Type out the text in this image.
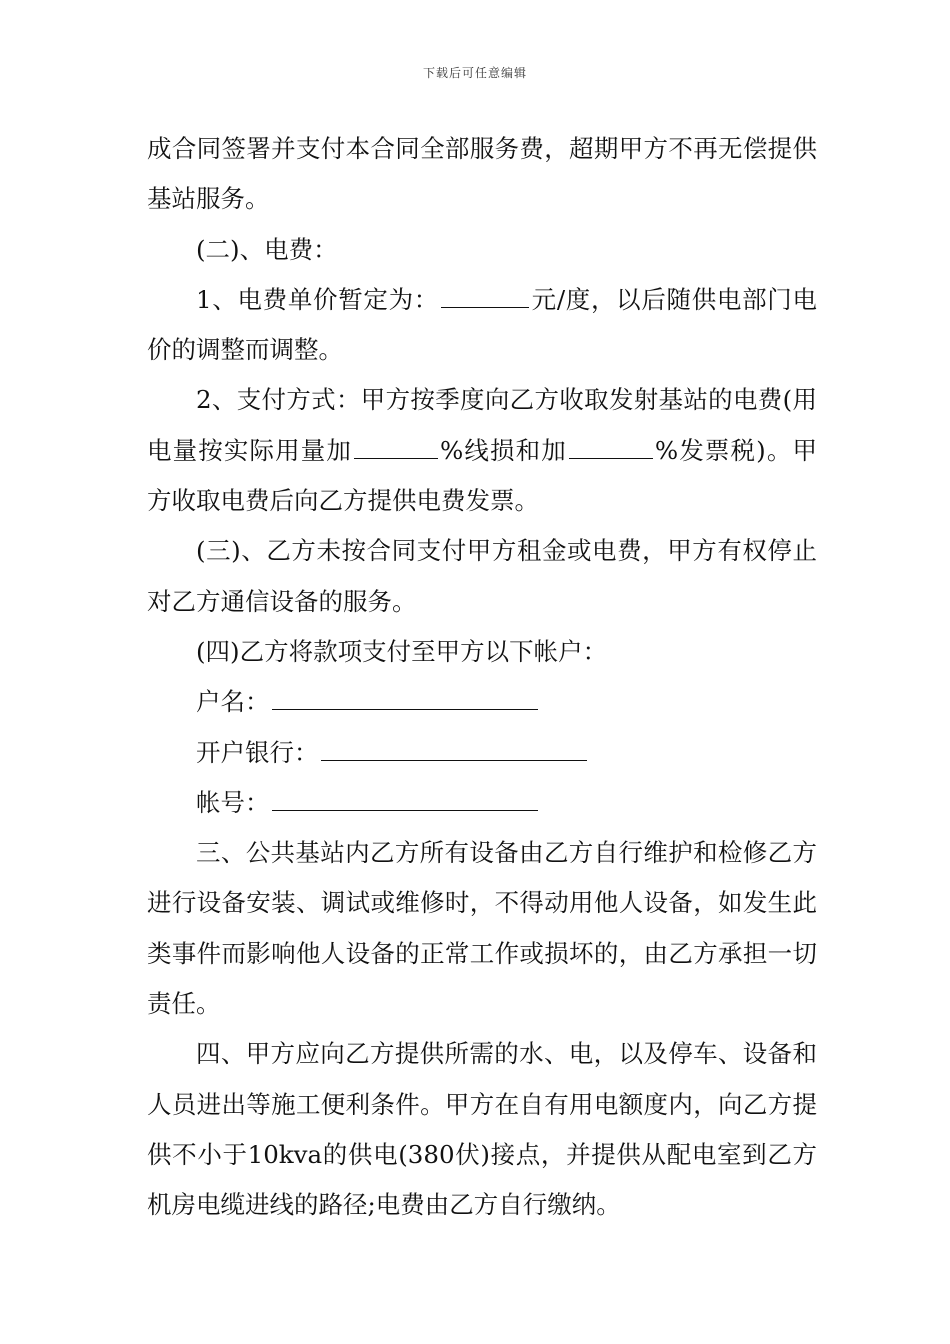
下载后可任意编辑

成合同签署并支付本合同全部服务费，超期甲方不再无偿提供基站服务。

(二)、电费：

1、电费单价暂定为：	元/度，以后随供电部门电价的调整而调整。

2、支付方式：甲方按季度向乙方收取发射基站的电费(用电量按实际用量加	%线损和加	%发票税)。甲方收取电费后向乙方提供电费发票。

(三)、乙方未按合同支付甲方租金或电费，甲方有权停止对乙方通信设备的服务。

(四)乙方将款项支付至甲方以下帐户：

户名：

开户银行：

帐号：

三、公共基站内乙方所有设备由乙方自行维护和检修乙方进行设备安装、调试或维修时，不得动用他人设备，如发生此类事件而影响他人设备的正常工作或损坏的，由乙方承担一切责任。

四、甲方应向乙方提供所需的水、电，以及停车、设备和人员进出等施工便利条件。甲方在自有用电额度内，向乙方提供不小于10kva的供电(380伏)接点，并提供从配电室到乙方机房电缆进线的路径;电费由乙方自行缴纳。
